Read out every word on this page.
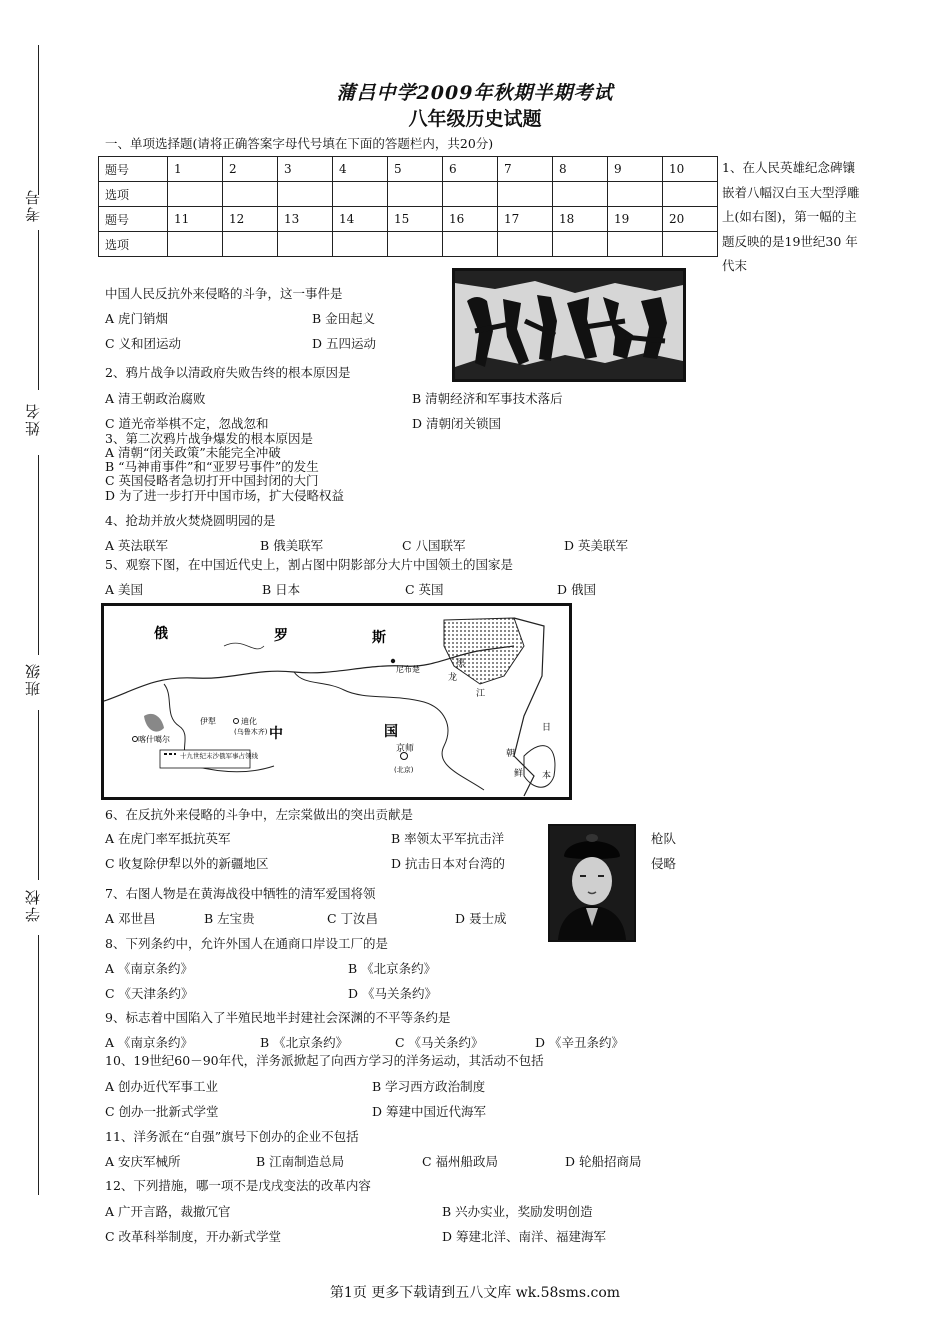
考号
姓名
班级
学校
蒲吕中学2009年秋期半期考试
八年级历史试题
一、单项选择题(请将正确答案字母代号填在下面的答题栏内，共20分)
题号	1	2	3	4	5	6	7	8	9	10
选项										
题号	11	12	13	14	15	16	17	18	19	20
选项										
1、在人民英雄纪念碑镶嵌着八幅汉白玉大型浮雕上(如右图)，第一幅的主题反映的是19世纪30 年代末
中国人民反抗外来侵略的斗争，这一事件是
A 虎门销烟	B 金田起义
C 义和团运动	D 五四运动
2、鸦片战争以清政府失败告终的根本原因是
A 清王朝政治腐败	B 清朝经济和军事技术落后
C 道光帝举棋不定，忽战忽和	D 清朝闭关锁国
3、第二次鸦片战争爆发的根本原因是
A 清朝“闭关政策”未能完全冲破
B “马神甫事件”和“亚罗号事件”的发生
C 英国侵略者急切打开中国封闭的大门
D 为了进一步打开中国市场，扩大侵略权益
4、抢劫并放火焚烧圆明园的是
A 英法联军	B 俄美联军	C 八国联军	D 英美联军
5、观察下图，在中国近代史上，割占图中阴影部分大片中国领土的国家是
A 美国	B 日本	C 英国	D 俄国
俄	罗	斯
中	国
尼布楚
迪化
(乌鲁木齐)
伊犁
喀什噶尔
十九世纪末沙俄军事占领线
京师
(北京)
黑
龙
江
朝
鲜
日
本
6、在反抗外来侵略的斗争中，左宗棠做出的突出贡献是
A 在虎门率军抵抗英军	B 率领太平军抗击洋
C 收复除伊犁以外的新疆地区	D 抗击日本对台湾的
枪队
侵略
7、右图人物是在黄海战役中牺牲的清军爱国将领
A 邓世昌	B 左宝贵	C 丁汝昌	D 聂士成
8、下列条约中，允许外国人在通商口岸设工厂的是
A 《南京条约》	B 《北京条约》
C 《天津条约》	D 《马关条约》
9、标志着中国陷入了半殖民地半封建社会深渊的不平等条约是
A 《南京条约》	B 《北京条约》	C 《马关条约》	D 《辛丑条约》
10、19世纪60－90年代，洋务派掀起了向西方学习的洋务运动，其活动不包括
A 创办近代军事工业	B 学习西方政治制度
C 创办一批新式学堂	D 筹建中国近代海军
11、洋务派在“自强”旗号下创办的企业不包括
A 安庆军械所	B 江南制造总局	C 福州船政局	D 轮船招商局
12、下列措施，哪一项不是戊戌变法的改革内容
A 广开言路，裁撤冗官	B 兴办实业，奖励发明创造
C 改革科举制度，开办新式学堂	D 筹建北洋、南洋、福建海军
第1页 更多下载请到五八文库 wk.58sms.com
